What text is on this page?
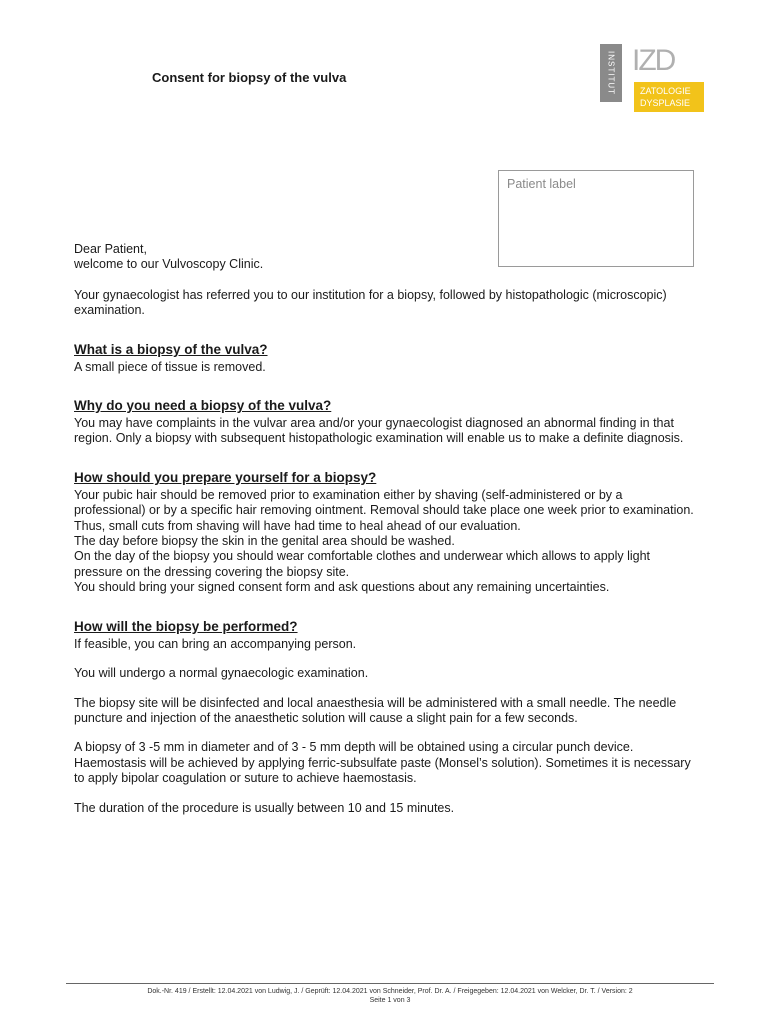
Consent for biopsy of the vulva	INSTITUT IZD
ZATOLOGIE
DYSPLASIE
Patient label

Dear Patient,

welcome to our Vulvoscopy Clinic.

Your gynaecologist has referred you to our institution for a biopsy, followed by histopathologic (microscopic) examination.

What is a biopsy of the vulva?

A small piece of tissue is removed.

Why do you need a biopsy of the vulva?

You may have complaints in the vulvar area and/or your gynaecologist diagnosed an abnormal finding in that region. Only a biopsy with subsequent histopathologic examination will enable us to make a definite diagnosis.

How should you prepare yourself for a biopsy?

Your pubic hair should be removed prior to examination either by shaving (self-administered or by a professional) or by a specific hair removing ointment. Removal should take place one week prior to examination. Thus, small cuts from shaving will have had time to heal ahead of our evaluation.

The day before biopsy the skin in the genital area should be washed.

On the day of the biopsy you should wear comfortable clothes and underwear which allows to apply light pressure on the dressing covering the biopsy site.

You should bring your signed consent form and ask questions about any remaining uncertainties.

How will the biopsy be performed?

If feasible, you can bring an accompanying person.

You will undergo a normal gynaecologic examination.

The biopsy site will be disinfected and local anaesthesia will be administered with a small needle. The needle puncture and injection of the anaesthetic solution will cause a slight pain for a few seconds.

A biopsy of 3 -5 mm in diameter and of 3 - 5 mm depth will be obtained using a circular punch device. Haemostasis will be achieved by applying ferric-subsulfate paste (Monsel’s solution). Sometimes it is necessary to apply bipolar coagulation or suture to achieve haemostasis.

The duration of the procedure is usually between 10 and 15 minutes.

Dok.-Nr. 419 / Erstellt: 12.04.2021 von Ludwig, J. / Geprüft: 12.04.2021 von Schneider, Prof. Dr. A. / Freigegeben: 12.04.2021 von Welcker, Dr. T. / Version: 2
Seite 1 von 3
